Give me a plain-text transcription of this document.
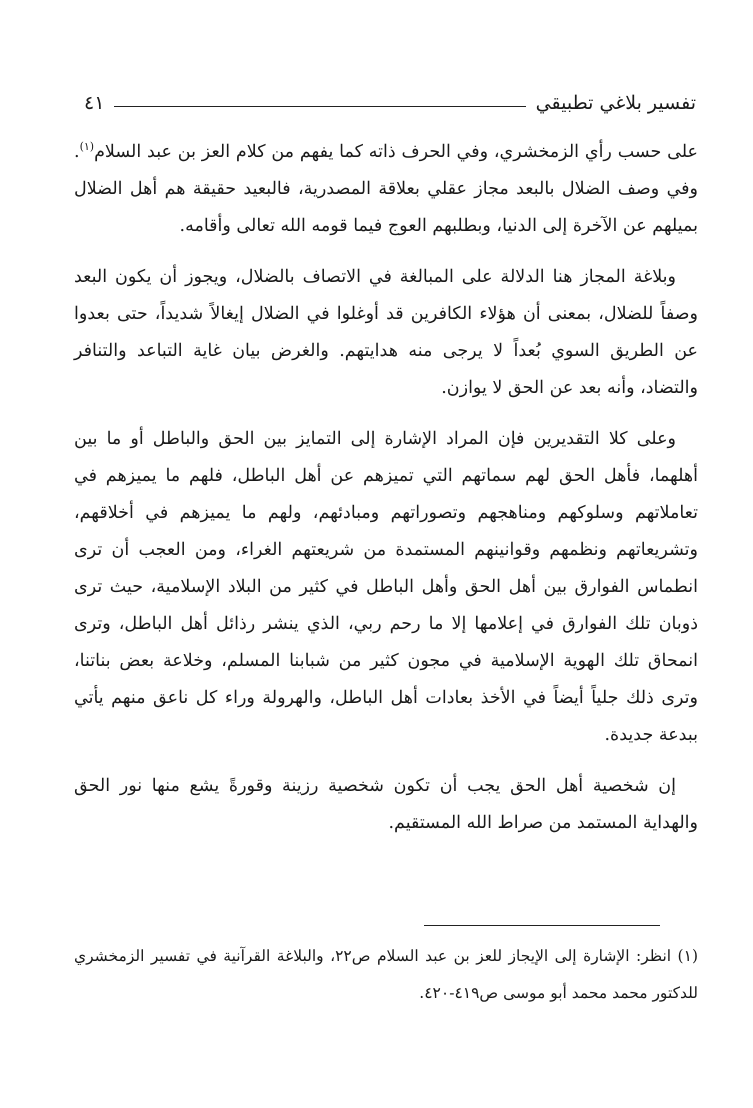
تفسير بلاغي تطبيقي
٤١

على حسب رأي الزمخشري، وفي الحرف ذاته كما يفهم من كلام العز بن عبد السلام$^{(١)}$. وفي وصف الضلال بالبعد مجاز عقلي بعلاقة المصدرية، فالبعيد حقيقة هم أهل الضلال بميلهم عن الآخرة إلى الدنيا، وبطلبهم العوج فيما قومه الله تعالى وأقامه.

وبلاغة المجاز هنا الدلالة على المبالغة في الاتصاف بالضلال، ويجوز أن يكون البعد وصفاً للضلال، بمعنى أن هؤلاء الكافرين قد أوغلوا في الضلال إيغالاً شديداً، حتى بعدوا عن الطريق السوي بُعداً لا يرجى منه هدايتهم. والغرض بيان غاية التباعد والتنافر والتضاد، وأنه بعد عن الحق لا يوازن.

وعلى كلا التقديرين فإن المراد الإشارة إلى التمايز بين الحق والباطل أو ما بين أهلهما، فأهل الحق لهم سماتهم التي تميزهم عن أهل الباطل، فلهم ما يميزهم في تعاملاتهم وسلوكهم ومناهجهم وتصوراتهم ومبادئهم، ولهم ما يميزهم في أخلاقهم، وتشريعاتهم ونظمهم وقوانينهم المستمدة من شريعتهم الغراء، ومن العجب أن ترى انطماس الفوارق بين أهل الحق وأهل الباطل في كثير من البلاد الإسلامية، حيث ترى ذوبان تلك الفوارق في إعلامها إلا ما رحم ربي، الذي ينشر رذائل أهل الباطل، وترى انمحاق تلك الهوية الإسلامية في مجون كثير من شبابنا المسلم، وخلاعة بعض بناتنا، وترى ذلك جلياً أيضاً في الأخذ بعادات أهل الباطل، والهرولة وراء كل ناعق منهم يأتي ببدعة جديدة.

إن شخصية أهل الحق يجب أن تكون شخصية رزينة وقورةً يشع منها نور الحق والهداية المستمد من صراط الله المستقيم.

(١) انظر: الإشارة إلى الإيجاز للعز بن عبد السلام ص٢٢، والبلاغة القرآنية في تفسير الزمخشري للدكتور محمد محمد أبو موسى ص٤١٩-٤٢٠.
